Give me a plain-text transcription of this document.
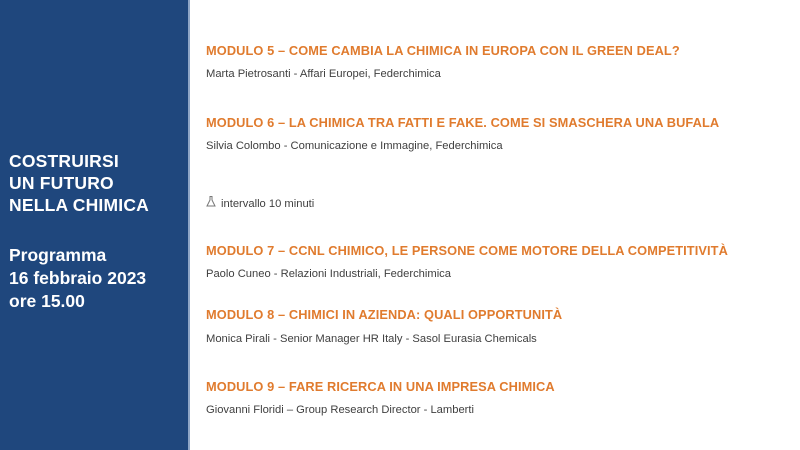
COSTRUIRSI
UN FUTURO
NELLA CHIMICA
Programma
16 febbraio 2023
ore 15.00
MODULO 5 – COME CAMBIA LA CHIMICA IN EUROPA CON IL GREEN DEAL?
Marta Pietrosanti - Affari Europei, Federchimica
MODULO 6 – LA CHIMICA TRA FATTI E FAKE. COME SI SMASCHERA UNA BUFALA
Silvia Colombo - Comunicazione e Immagine, Federchimica
intervallo 10 minuti
MODULO 7 – CCNL CHIMICO, LE PERSONE COME MOTORE DELLA COMPETITIVITÀ
Paolo Cuneo - Relazioni Industriali, Federchimica
MODULO 8 – CHIMICI IN AZIENDA: QUALI OPPORTUNITÀ
Monica Pirali - Senior Manager HR Italy - Sasol Eurasia Chemicals
MODULO 9 – FARE RICERCA IN UNA IMPRESA CHIMICA
Giovanni Floridi – Group Research Director - Lamberti
